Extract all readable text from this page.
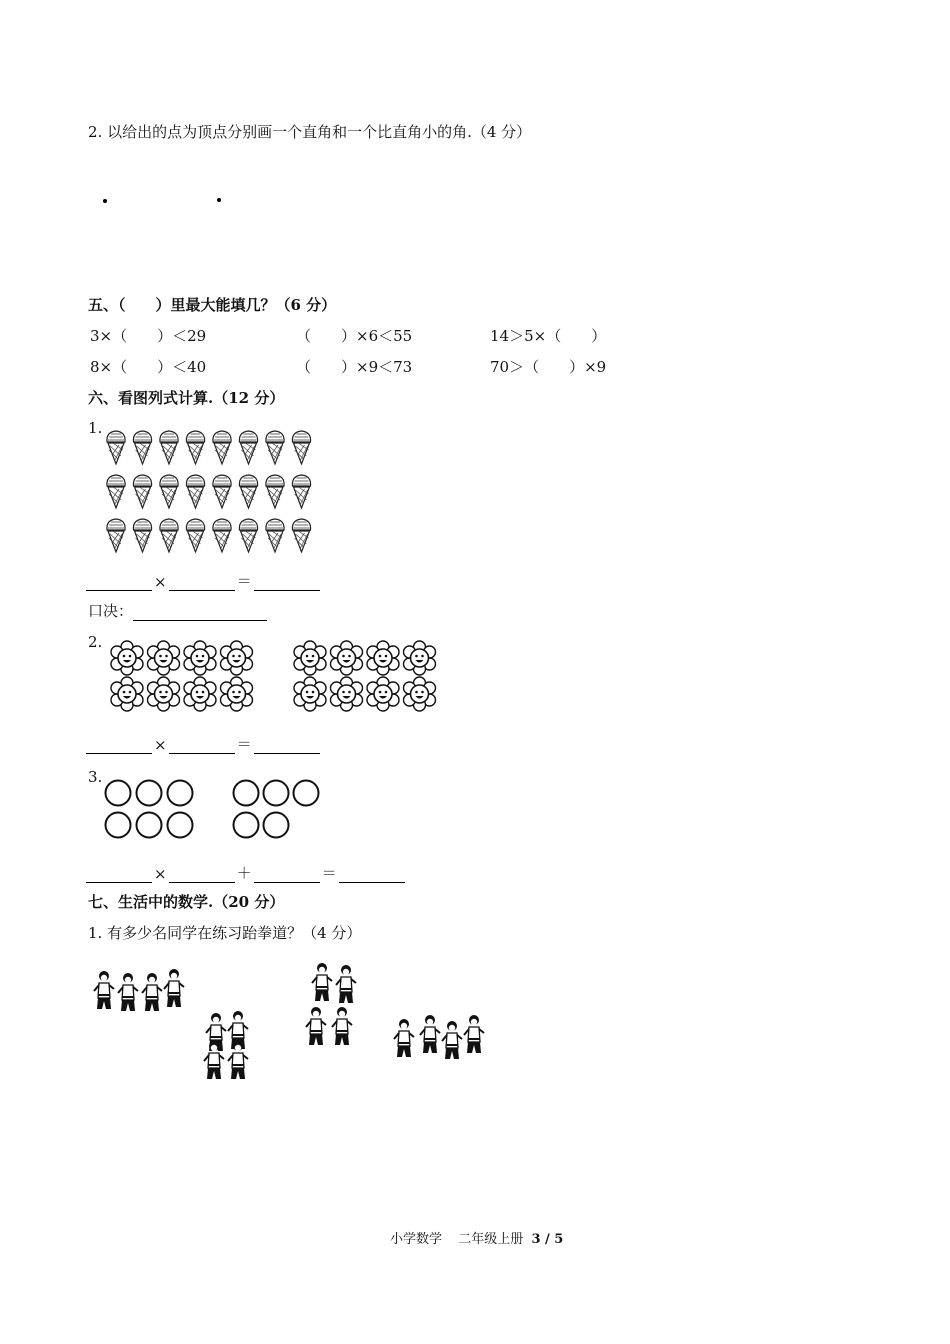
2. 以给出的点为顶点分别画一个直角和一个比直角小的角.（4 分）
五、（　　）里最大能填几？（6 分）
3×（　　）＜29	（　　）×6＜55	14＞5×（　　）
8×（　　）＜40	（　　）×9＜73	70＞（　　）×9
六、看图列式计算.（12 分）
1.
×	＝
口决：
2.
×	＝
3.
×	＋	＝
七、生活中的数学.（20 分）
1. 有多少名同学在练习跆拳道？（4 分）
小学数学 二年级上册 3 / 5
